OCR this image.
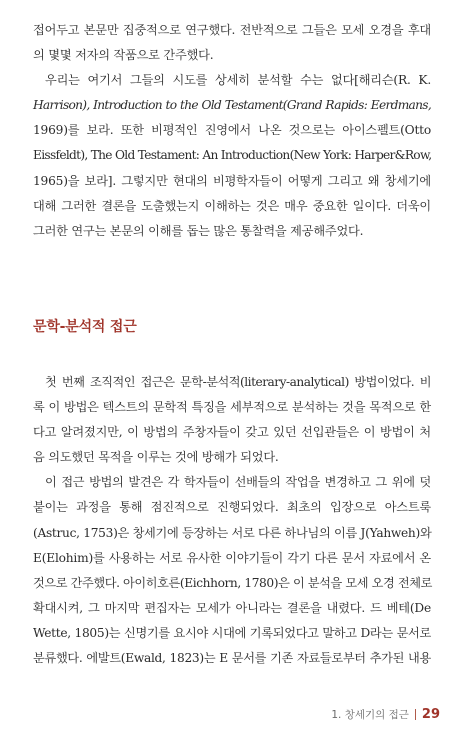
접어두고 본문만 집중적으로 연구했다. 전반적으로 그들은 모세 오경을 후대
의 몇몇 저자의 작품으로 간주했다.
우리는 여기서 그들의 시도를 상세히 분석할 수는 없다[해리슨(R. K.
Harrison), Introduction to the Old Testament(Grand Rapids: Eerdmans,
1969)를 보라. 또한 비평적인 진영에서 나온 것으로는 아이스펠트(Otto
Eissfeldt), The Old Testament: An Introduction(New York: Harper&Row,
1965)을 보라]. 그렇지만 현대의 비평학자들이 어떻게 그리고 왜 창세기에
대해 그러한 결론을 도출했는지 이해하는 것은 매우 중요한 일이다. 더욱이
그러한 연구는 본문의 이해를 돕는 많은 통찰력을 제공해주었다.
문학-분석적 접근
첫 번째 조직적인 접근은 문학-분석적(literary-analytical) 방법이었다. 비
록 이 방법은 텍스트의 문학적 특징을 세부적으로 분석하는 것을 목적으로 한
다고 알려졌지만, 이 방법의 주창자들이 갖고 있던 선입관들은 이 방법이 처
음 의도했던 목적을 이루는 것에 방해가 되었다.
이 접근 방법의 발견은 각 학자들이 선배들의 작업을 변경하고 그 위에 덧
붙이는 과정을 통해 점진적으로 진행되었다. 최초의 입장으로 아스트룩
(Astruc, 1753)은 창세기에 등장하는 서로 다른 하나님의 이름 J(Yahweh)와
E(Elohim)를 사용하는 서로 유사한 이야기들이 각기 다른 문서 자료에서 온
것으로 간주했다. 아이히호른(Eichhorn, 1780)은 이 분석을 모세 오경 전체로
확대시켜, 그 마지막 편집자는 모세가 아니라는 결론을 내렸다. 드 베테(De
Wette, 1805)는 신명기를 요시야 시대에 기록되었다고 말하고 D라는 문서로
분류했다. 에발트(Ewald, 1823)는 E 문서를 기존 자료들로부터 추가된 내용
1. 창세기의 접근 29
